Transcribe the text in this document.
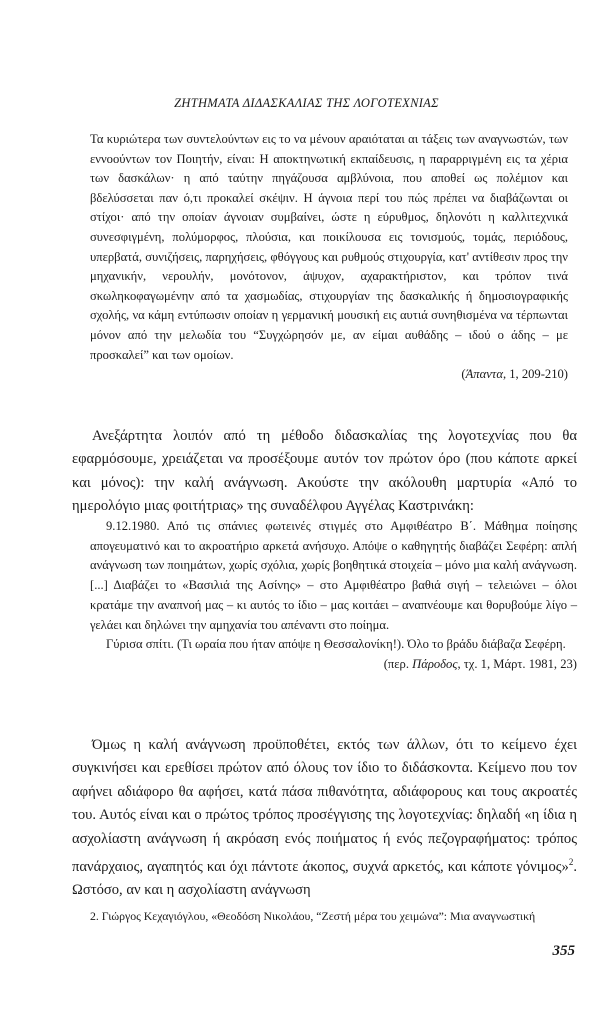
ΖΗΤΗΜΑΤΑ ΔΙΔΑΣΚΑΛΙΑΣ ΤΗΣ ΛΟΓΟΤΕΧΝΙΑΣ

Τα κυριώτερα των συντελούντων εις το να μένουν αραιόταται αι τάξεις των αναγνωστών, των εννοούντων τον Ποιητήν, είναι: Η αποκτηνωτική εκπαίδευσις, η παραρριγμένη εις τα χέρια των δασκάλων· η από ταύτην πηγάζουσα αμβλύνοια, που αποθεί ως πολέμιον και βδελύσσεται παν ό,τι προκαλεί σκέψιν. Η άγνοια περί του πώς πρέπει να διαβάζωνται οι στίχοι· από την οποίαν άγνοιαν συμβαίνει, ώστε η εύρυθμος, δηλονότι η καλλιτεχνικά συνεσφιγμένη, πολύμορφος, πλούσια, και ποικίλουσα εις τονισμούς, τομάς, περιόδους, υπερβατά, συνιζήσεις, παρηχήσεις, φθόγγους και ρυθμούς στιχουργία, κατ' αντίθεσιν προς την μηχανικήν, νερουλήν, μονότονον, άψυχον, αχαρακτήριστον, και τρόπον τινά σκωληκοφαγωμένην από τα χασμωδίας, στιχουργίαν της δασκαλικής ή δημοσιογραφικής σχολής, να κάμη εντύπωσιν οποίαν η γερμανική μουσική εις αυτιά συνηθισμένα να τέρπωνται μόνον από την μελωδία του “Συγχώρησόν με, αν είμαι αυθάδης – ιδού ο άδης – με προσκαλεί” και των ομοίων.

(Άπαντα, 1, 209-210)

Ανεξάρτητα λοιπόν από τη μέθοδο διδασκαλίας της λογοτεχνίας που θα εφαρμόσουμε, χρειάζεται να προσέξουμε αυτόν τον πρώτον όρο (που κάποτε αρκεί και μόνος): την καλή ανάγνωση. Ακούστε την ακόλουθη μαρτυρία «Από το ημερολόγιο μιας φοιτήτριας» της συναδέλφου Αγγέλας Καστρινάκη:

9.12.1980. Από τις σπάνιες φωτεινές στιγμές στο Αμφιθέατρο Β΄. Μάθημα ποίησης απογευματινό και το ακροατήριο αρκετά ανήσυχο. Απόψε ο καθηγητής διαβάζει Σεφέρη: απλή ανάγνωση των ποιημάτων, χωρίς σχόλια, χωρίς βοηθητικά στοιχεία – μόνο μια καλή ανάγνωση. [...] Διαβάζει το «Βασιλιά της Ασίνης» – στο Αμφιθέατρο βαθιά σιγή – τελειώνει – όλοι κρατάμε την αναπνοή μας – κι αυτός το ίδιο – μας κοιτάει – αναπνέουμε και θορυβούμε λίγο – γελάει και δηλώνει την αμηχανία του απέναντι στο ποίημα.

Γύρισα σπίτι. (Τι ωραία που ήταν απόψε η Θεσσαλονίκη!). Όλο το βράδυ διάβαζα Σεφέρη.

(περ. Πάροδος, τχ. 1, Μάρτ. 1981, 23)

Όμως η καλή ανάγνωση προϋποθέτει, εκτός των άλλων, ότι το κείμενο έχει συγκινήσει και ερεθίσει πρώτον από όλους τον ίδιο το διδάσκοντα. Κείμενο που τον αφήνει αδιάφορο θα αφήσει, κατά πάσα πιθανότητα, αδιάφορους και τους ακροατές του. Αυτός είναι και ο πρώτος τρόπος προσέγγισης της λογοτεχνίας: δηλαδή «η ίδια η ασχολίαστη ανάγνωση ή ακρόαση ενός ποιήματος ή ενός πεζογραφήματος: τρόπος πανάρχαιος, αγαπητός και όχι πάντοτε άκοπος, συχνά αρκετός, και κάποτε γόνιμος»$^2$. Ωστόσο, αν και η ασχολίαστη ανάγνωση

2. Γιώργος Κεχαγιόγλου, «Θεοδόση Νικολάου, “Ζεστή μέρα του χειμώνα”: Μια αναγνωστική
355
